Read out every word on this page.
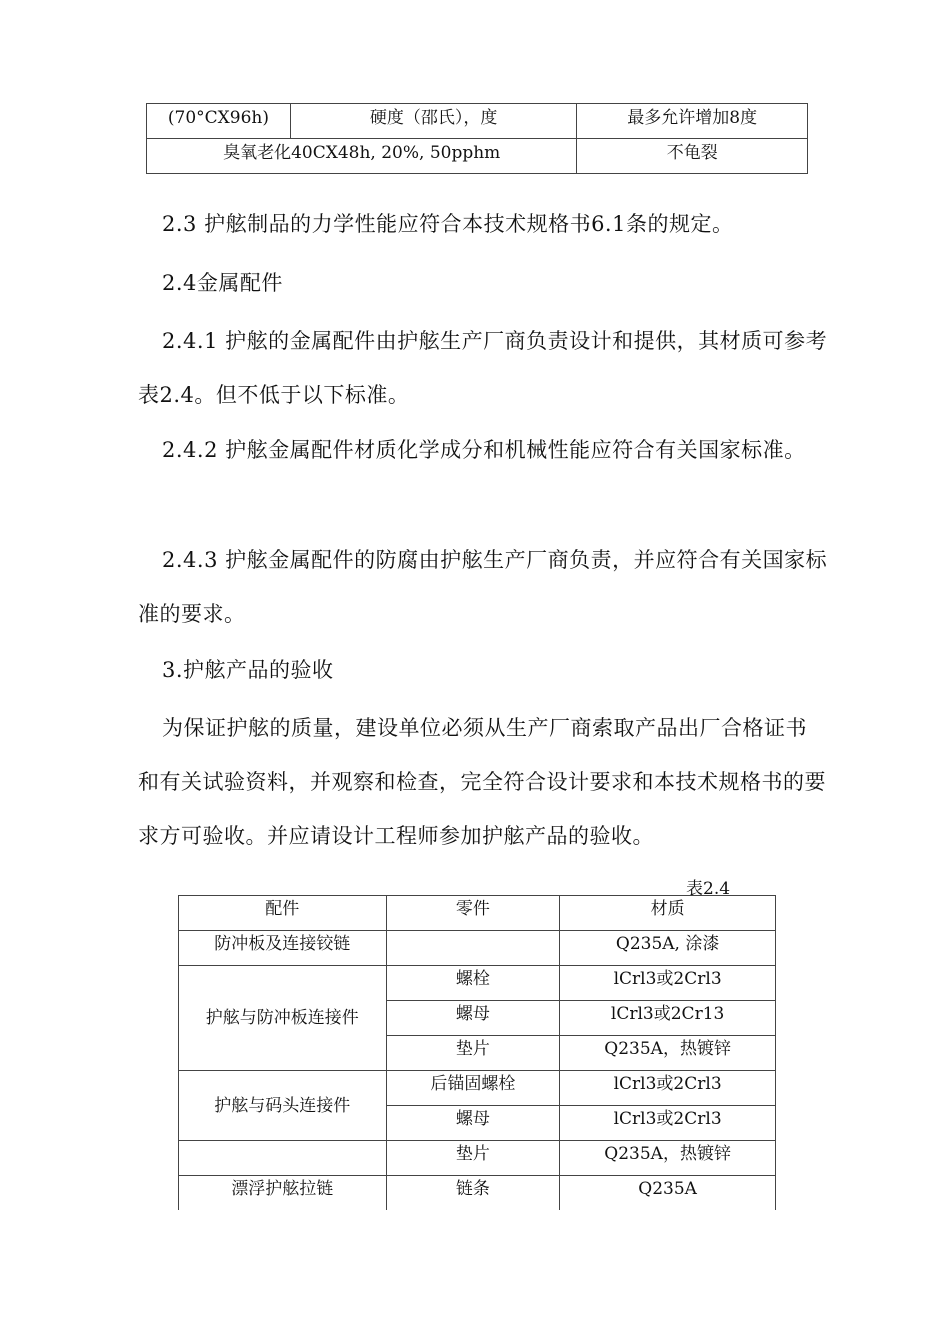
(70°CX96h)	硬度（邵氏），度	最多允许增加8度
臭氧老化40CX48h, 20%, 50pphm		不龟裂

2.3 护舷制品的力学性能应符合本技术规格书6.1条的规定。

2.4金属配件

2.4.1 护舷的金属配件由护舷生产厂商负责设计和提供，其材质可参考表2.4。但不低于以下标准。

2.4.2 护舷金属配件材质化学成分和机械性能应符合有关国家标准。

2.4.3 护舷金属配件的防腐由护舷生产厂商负责，并应符合有关国家标准的要求。

3.护舷产品的验收

为保证护舷的质量，建设单位必须从生产厂商索取产品出厂合格证书和有关试验资料，并观察和检查，完全符合设计要求和本技术规格书的要求方可验收。并应请设计工程师参加护舷产品的验收。

表2.4
配件	零件	材质
防冲板及连接铰链		Q235A, 涂漆
护舷与防冲板连接件	螺栓	lCrl3或2Crl3
	螺母	lCrl3或2Cr13
	垫片	Q235A，热镀锌
护舷与码头连接件	后锚固螺栓	lCrl3或2Crl3
	螺母	lCrl3或2Crl3
	垫片	Q235A，热镀锌
漂浮护舷拉链	链条	Q235A
